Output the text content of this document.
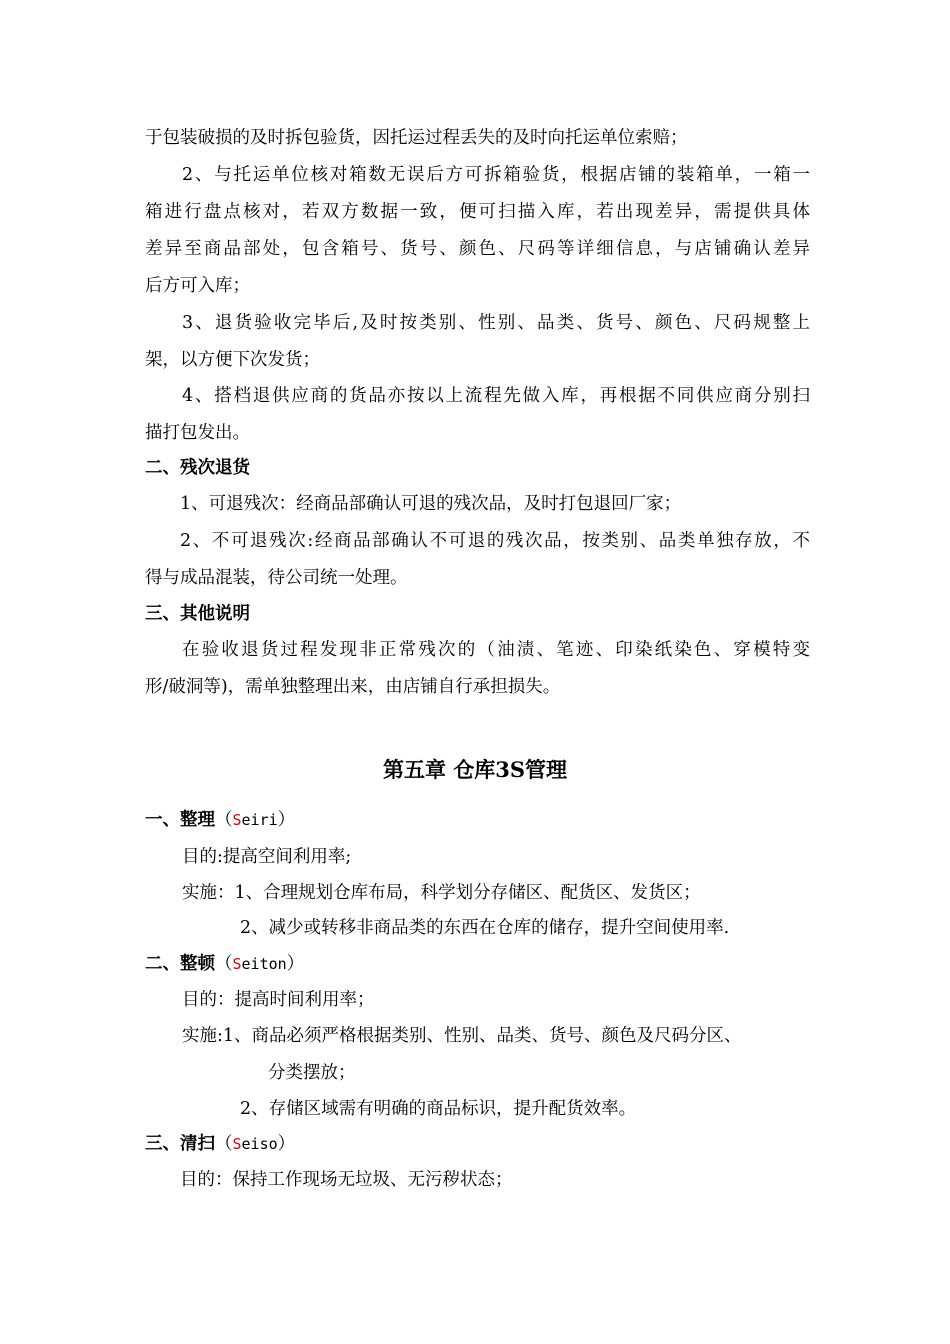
于包装破损的及时拆包验货，因托运过程丢失的及时向托运单位索赔；
2、与托运单位核对箱数无误后方可拆箱验货，根据店铺的装箱单，一箱一
箱进行盘点核对，若双方数据一致，便可扫描入库，若出现差异，需提供具体
差异至商品部处，包含箱号、货号、颜色、尺码等详细信息，与店铺确认差异
后方可入库；
3、退货验收完毕后,及时按类别、性别、品类、货号、颜色、尺码规整上
架，以方便下次发货；
4、搭档退供应商的货品亦按以上流程先做入库，再根据不同供应商分别扫
描打包发出。
二、残次退货
1、可退残次：经商品部确认可退的残次品，及时打包退回厂家；
2、不可退残次:经商品部确认不可退的残次品，按类别、品类单独存放，不
得与成品混装，待公司统一处理。
三、其他说明
在验收退货过程发现非正常残次的（油渍、笔迹、印染纸染色、穿模特变
形/破洞等)，需单独整理出来，由店铺自行承担损失。
第五章 仓库3S管理
一、整理（Seiri）
目的:提高空间利用率;
实施：1、合理规划仓库布局，科学划分存储区、配货区、发货区；
2、减少或转移非商品类的东西在仓库的储存，提升空间使用率.
二、整顿（Seiton）
目的：提高时间利用率；
实施:1、商品必须严格根据类别、性别、品类、货号、颜色及尺码分区、
分类摆放；
2、存储区域需有明确的商品标识，提升配货效率。
三、清扫（Seiso）
目的：保持工作现场无垃圾、无污秽状态；
